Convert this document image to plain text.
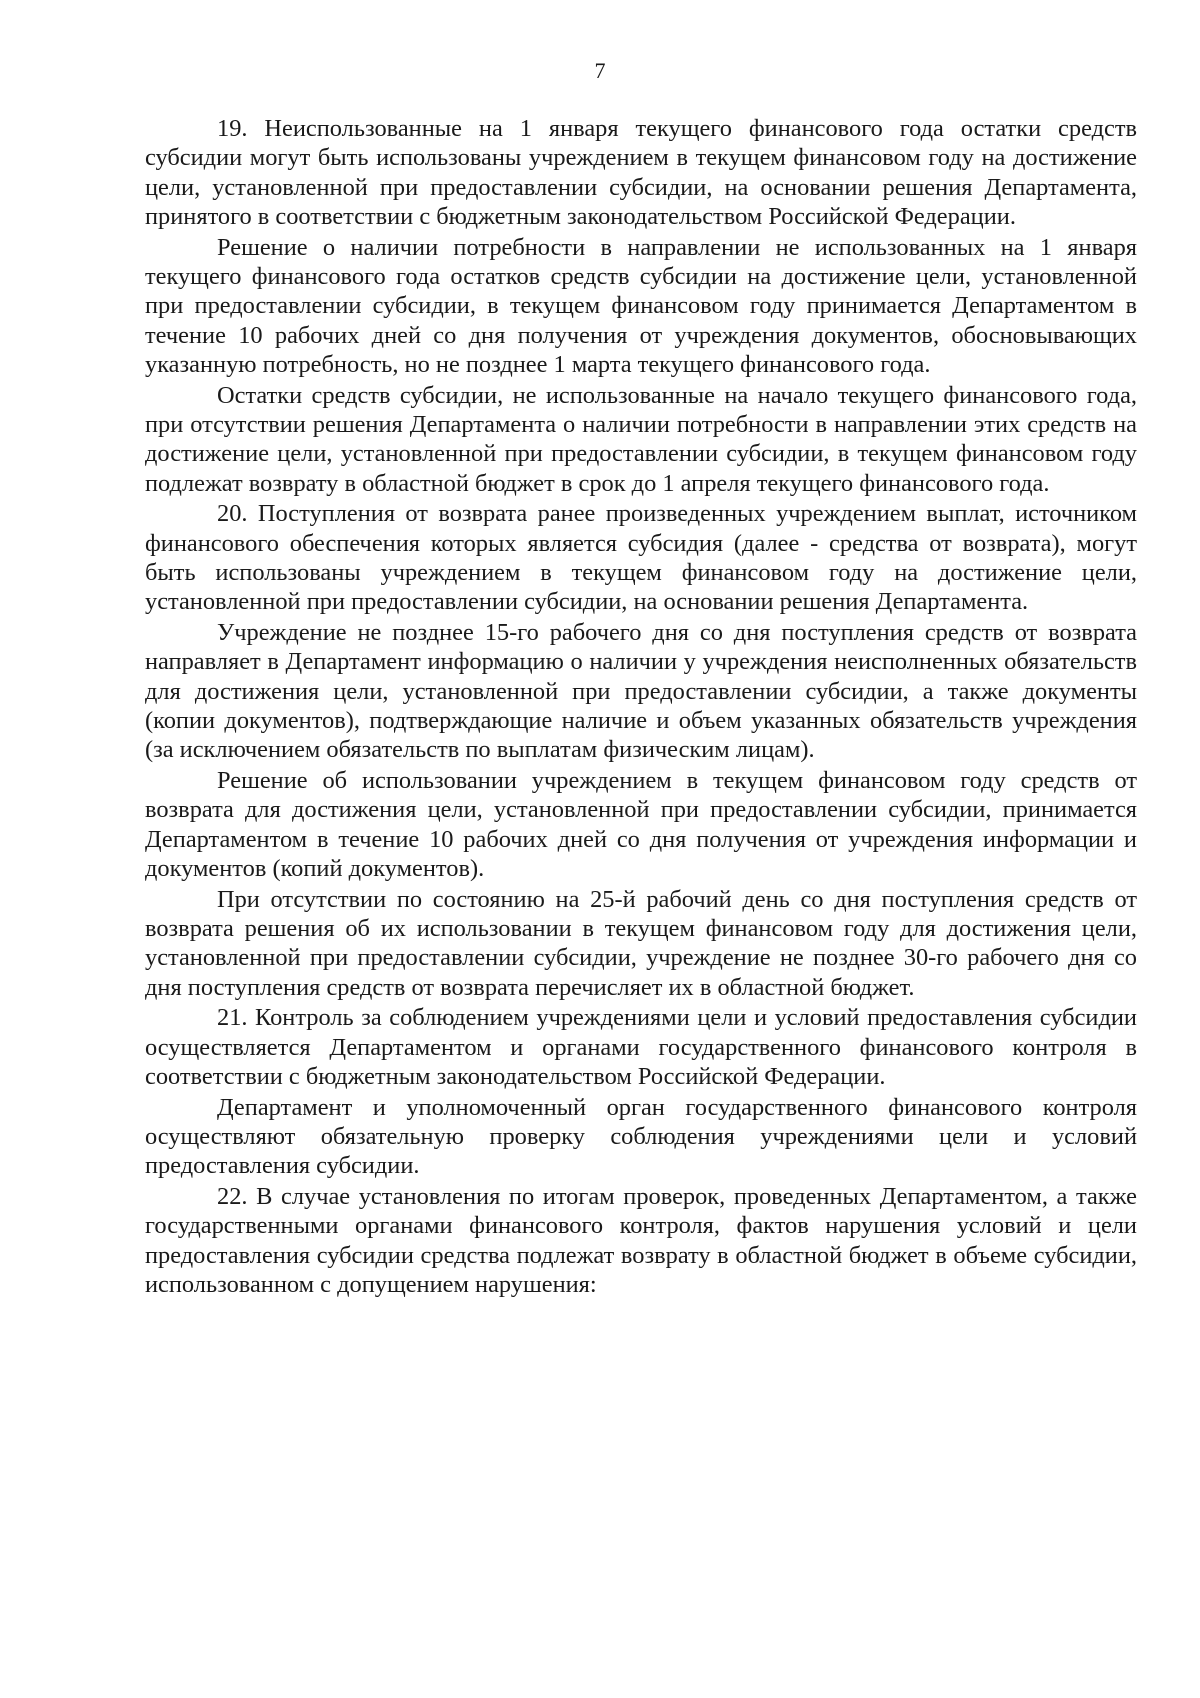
7

19. Неиспользованные на 1 января текущего финансового года остатки средств субсидии могут быть использованы учреждением в текущем финансовом году на достижение цели, установленной при предоставлении субсидии, на основании решения Департамента, принятого в соответствии с бюджетным законодательством Российской Федерации.

Решение о наличии потребности в направлении не использованных на 1 января текущего финансового года остатков средств субсидии на достижение цели, установленной при предоставлении субсидии, в текущем финансовом году принимается Департаментом в течение 10 рабочих дней со дня получения от учреждения документов, обосновывающих указанную потребность, но не позднее 1 марта текущего финансового года.

Остатки средств субсидии, не использованные на начало текущего финансового года, при отсутствии решения Департамента о наличии потребности в направлении этих средств на достижение цели, установленной при предоставлении субсидии, в текущем финансовом году подлежат возврату в областной бюджет в срок до 1 апреля текущего финансового года.

20. Поступления от возврата ранее произведенных учреждением выплат, источником финансового обеспечения которых является субсидия (далее - средства от возврата), могут быть использованы учреждением в текущем финансовом году на достижение цели, установленной при предоставлении субсидии, на основании решения Департамента.

Учреждение не позднее 15-го рабочего дня со дня поступления средств от возврата направляет в Департамент информацию о наличии у учреждения неисполненных обязательств для достижения цели, установленной при предоставлении субсидии, а также документы (копии документов), подтверждающие наличие и объем указанных обязательств учреждения (за исключением обязательств по выплатам физическим лицам).

Решение об использовании учреждением в текущем финансовом году средств от возврата для достижения цели, установленной при предоставлении субсидии, принимается Департаментом в течение 10 рабочих дней со дня получения от учреждения информации и документов (копий документов).

При отсутствии по состоянию на 25-й рабочий день со дня поступления средств от возврата решения об их использовании в текущем финансовом году для достижения цели, установленной при предоставлении субсидии, учреждение не позднее 30-го рабочего дня со дня поступления средств от возврата перечисляет их в областной бюджет.

21. Контроль за соблюдением учреждениями цели и условий предоставления субсидии осуществляется Департаментом и органами государственного финансового контроля в соответствии с бюджетным законодательством Российской Федерации.

Департамент и уполномоченный орган государственного финансового контроля осуществляют обязательную проверку соблюдения учреждениями цели и условий предоставления субсидии.

22. В случае установления по итогам проверок, проведенных Департаментом, а также государственными органами финансового контроля, фактов нарушения условий и цели предоставления субсидии средства подлежат возврату в областной бюджет в объеме субсидии, использованном с допущением нарушения:
